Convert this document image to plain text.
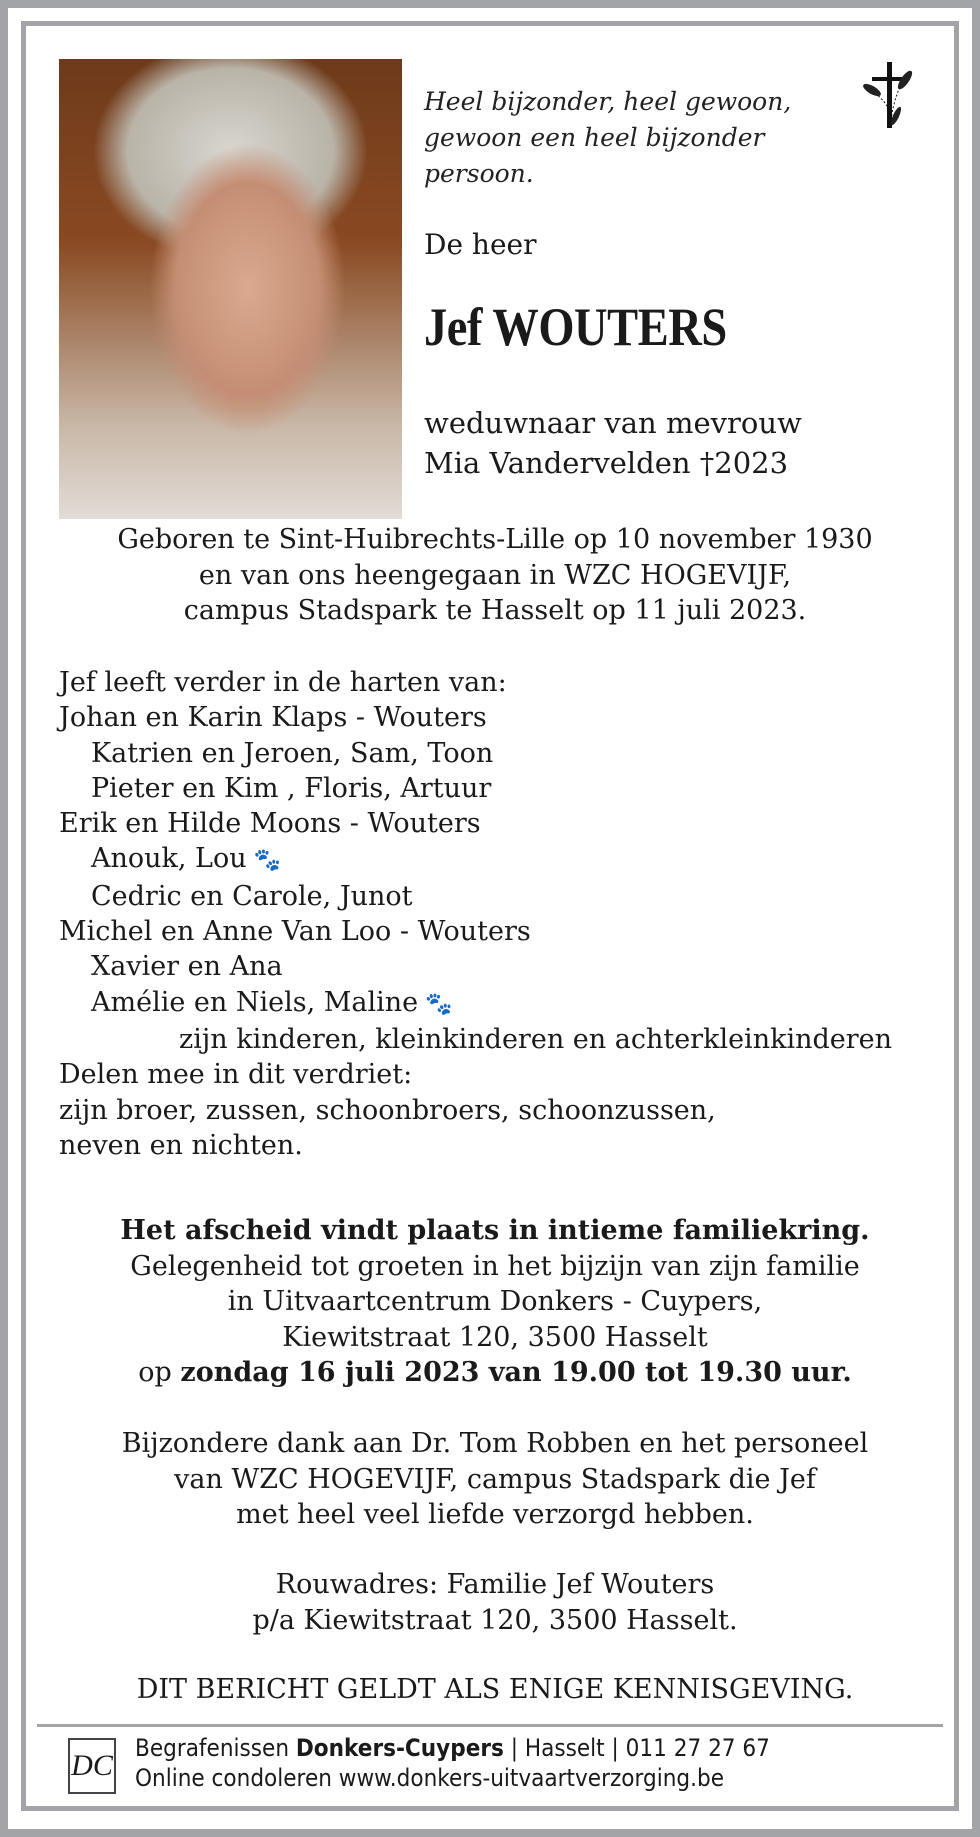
Heel bijzonder, heel gewoon,
gewoon een heel bijzonder
persoon.
De heer
Jef WOUTERS
weduwnaar van mevrouw
Mia Vandervelden †2023
Geboren te Sint-Huibrechts-Lille op 10 november 1930
en van ons heengegaan in WZC HOGEVIJF,
campus Stadspark te Hasselt op 11 juli 2023.
Jef leeft verder in de harten van:
Johan en Karin Klaps - Wouters
Katrien en Jeroen, Sam, Toon
Pieter en Kim , Floris, Artuur
Erik en Hilde Moons - Wouters
Anouk, Lou 🐾
Cedric en Carole, Junot
Michel en Anne Van Loo - Wouters
Xavier en Ana
Amélie en Niels, Maline 🐾
zijn kinderen, kleinkinderen en achterkleinkinderen
Delen mee in dit verdriet:
zijn broer, zussen, schoonbroers, schoonzussen,
neven en nichten.
Het afscheid vindt plaats in intieme familiekring.
Gelegenheid tot groeten in het bijzijn van zijn familie
in Uitvaartcentrum Donkers - Cuypers,
Kiewitstraat 120, 3500 Hasselt
op zondag 16 juli 2023 van 19.00 tot 19.30 uur.
Bijzondere dank aan Dr. Tom Robben en het personeel
van WZC HOGEVIJF, campus Stadspark die Jef
met heel veel liefde verzorgd hebben.
Rouwadres: Familie Jef Wouters
p/a Kiewitstraat 120, 3500 Hasselt.
DIT BERICHT GELDT ALS ENIGE KENNISGEVING.
DC
Begrafenissen Donkers-Cuypers | Hasselt | 011 27 27 67
Online condoleren www.donkers-uitvaartverzorging.be
